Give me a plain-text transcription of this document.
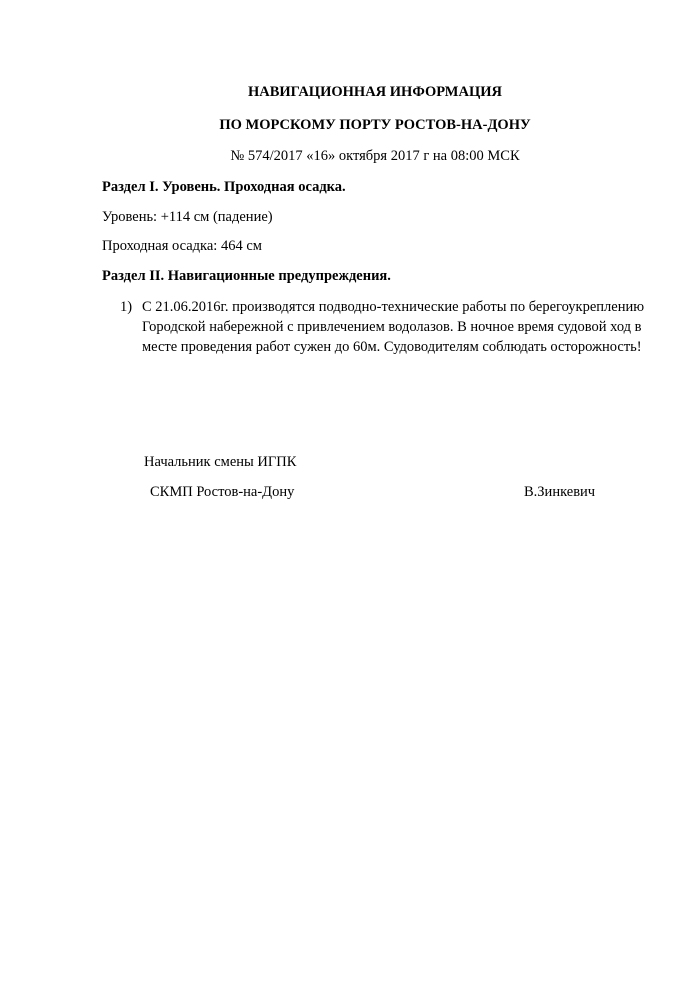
НАВИГАЦИОННАЯ ИНФОРМАЦИЯ
ПО МОРСКОМУ ПОРТУ РОСТОВ-НА-ДОНУ
№ 574/2017 «16» октября 2017 г на 08:00 МСК
Раздел I. Уровень. Проходная осадка.
Уровень: +114 см (падение)
Проходная осадка: 464 см
Раздел II. Навигационные предупреждения.
1) С 21.06.2016г. производятся подводно-технические работы по берегоукреплению
Городской набережной с привлечением водолазов. В ночное время судовой ход в
месте проведения работ сужен до 60м. Судоводителям соблюдать осторожность!
Начальник смены ИГПК
СКМП Ростов-на-Дону	В.Зинкевич
